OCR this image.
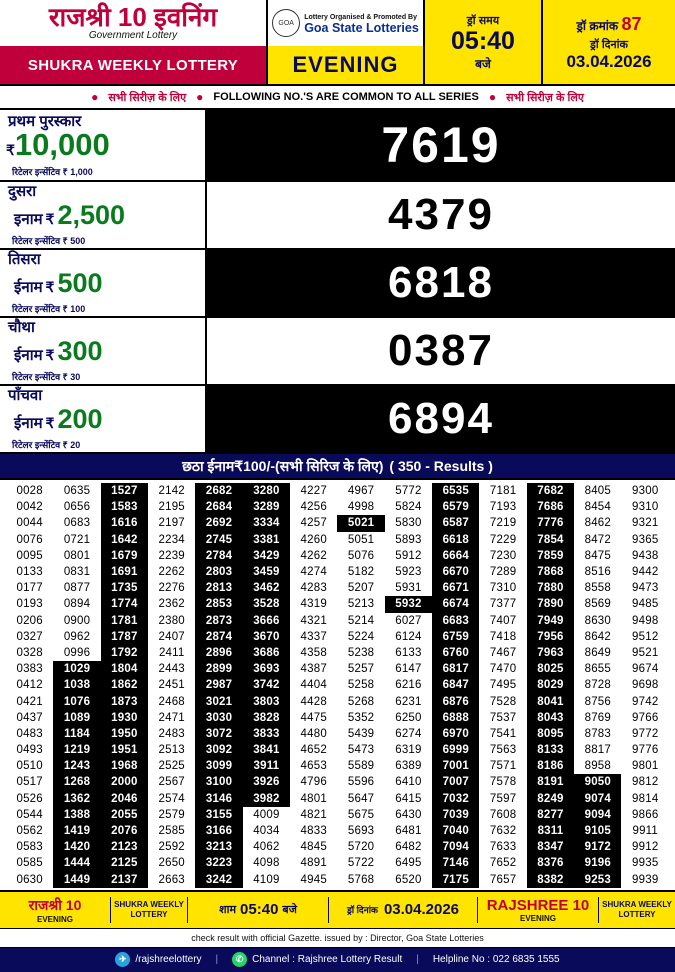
राजश्री 10 इवनिंग
Government Lottery
SHUKRA WEEKLY LOTTERY
GOA
Lottery Organised & Promoted By
Goa State Lotteries
EVENING
ड्रॉ समय
05:40
बजे
ड्रॉ क्रमांक 87
ड्रॉ दिनांक
03.04.2026
● सभी सिरीज़ के लिए ● FOLLOWING NO.'S ARE COMMON TO ALL SERIES ● सभी सिरीज़ के लिए
प्रथम पुरस्कार
₹10,000
रिटेलर इन्सेंटिव ₹ 1,000	7619
दुसरा
इनाम ₹ 2,500
रिटेलर इन्सेंटिव ₹ 500
4379
तिसरा
ईनाम ₹ 500
रिटेलर इन्सेंटिव ₹ 100
6818
चौथा
ईनाम ₹ 300
रिटेलर इन्सेंटिव ₹ 30
0387
पाँचवा
ईनाम ₹ 200
रिटेलर इन्सेंटिव ₹ 20
6894
छठा ईनाम ₹100/- (सभी सिरिज के लिए) ( 350 - Results )
0028	0635	1527	2142	2682	3280	4227	4967	5772	6535	7181	7682	8405	9300
0042	0656	1583	2195	2684	3289	4256	4998	5824	6579	7193	7686	8454	9310
0044	0683	1616	2197	2692	3334	4257	5021	5830	6587	7219	7776	8462	9321
0076	0721	1642	2234	2745	3381	4260	5051	5893	6618	7229	7854	8472	9365
0095	0801	1679	2239	2784	3429	4262	5076	5912	6664	7230	7859	8475	9438
0133	0831	1691	2262	2803	3459	4274	5182	5923	6670	7289	7868	8516	9442
0177	0877	1735	2276	2813	3462	4283	5207	5931	6671	7310	7880	8558	9473
0193	0894	1774	2362	2853	3528	4319	5213	5932	6674	7377	7890	8569	9485
0206	0900	1781	2380	2873	3666	4321	5214	6027	6683	7407	7949	8630	9498
0327	0962	1787	2407	2874	3670	4337	5224	6124	6759	7418	7956	8642	9512
0328	0996	1792	2411	2896	3686	4358	5238	6133	6760	7467	7963	8649	9521
0383	1029	1804	2443	2899	3693	4387	5257	6147	6817	7470	8025	8655	9674
0412	1038	1862	2451	2987	3742	4404	5258	6216	6847	7495	8029	8728	9698
0421	1076	1873	2468	3021	3803	4428	5268	6231	6876	7528	8041	8756	9742
0437	1089	1930	2471	3030	3828	4475	5352	6250	6888	7537	8043	8769	9766
0483	1184	1950	2483	3072	3833	4480	5439	6274	6970	7541	8095	8783	9772
0493	1219	1951	2513	3092	3841	4652	5473	6319	6999	7563	8133	8817	9776
0510	1243	1968	2525	3099	3911	4653	5589	6389	7001	7571	8186	8958	9801
0517	1268	2000	2567	3100	3926	4796	5596	6410	7007	7578	8191	9050	9812
0526	1362	2046	2574	3146	3982	4801	5647	6415	7032	7597	8249	9074	9814
0544	1388	2055	2579	3155	4009	4821	5675	6430	7039	7608	8277	9094	9866
0562	1419	2076	2585	3166	4034	4833	5693	6481	7040	7632	8311	9105	9911
0583	1420	2123	2592	3213	4062	4845	5720	6482	7094	7633	8347	9172	9912
0585	1444	2125	2650	3223	4098	4891	5722	6495	7146	7652	8376	9196	9935
0630	1449	2137	2663	3242	4109	4945	5768	6520	7175	7657	8382	9253	9939
राजश्री 10
EVENING
SHUKRA WEEKLY LOTTERY	शाम 05:40 बजे	ड्रॉ दिनांक 03.04.2026 RAJSHREE 10
EVENING
SHUKRA WEEKLY LOTTERY
check result with official Gazette. issued by : Director, Goa State Lotteries
✈ /rajshreelottery |	✆ Channel : Rajshree Lottery Result | Helpline No : 022 6835 1555
